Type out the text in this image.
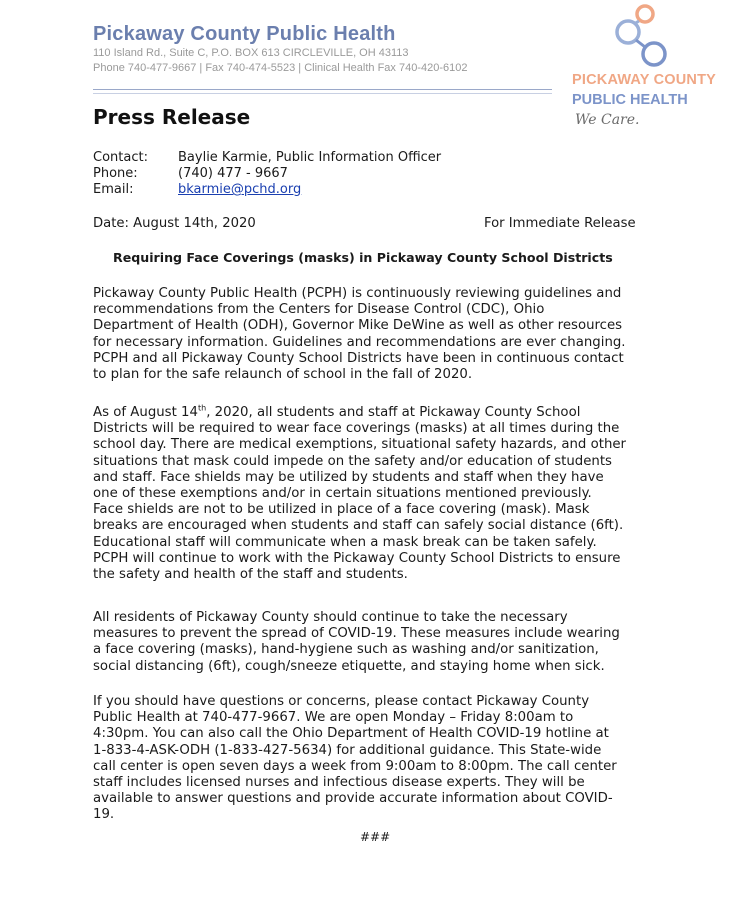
Pickaway County Public Health
110 Island Rd., Suite C, P.O. BOX 613 CIRCLEVILLE, OH 43113
Phone 740-477-9667 | Fax 740-474-5523 | Clinical Health Fax 740-420-6102
PICKAWAY COUNTY
PUBLIC HEALTH
We Care.
Press Release
Contact:	Baylie Karmie, Public Information Officer
Phone:	(740) 477 - 9667
Email:	bkarmie@pchd.org
Date: August 14th, 2020	For Immediate Release
Requiring Face Coverings (masks) in Pickaway County School Districts
Pickaway County Public Health (PCPH) is continuously reviewing guidelines and
recommendations from the Centers for Disease Control (CDC), Ohio
Department of Health (ODH), Governor Mike DeWine as well as other resources
for necessary information. Guidelines and recommendations are ever changing.
PCPH and all Pickaway County School Districts have been in continuous contact
to plan for the safe relaunch of school in the fall of 2020.
As of August 14th, 2020, all students and staff at Pickaway County School
Districts will be required to wear face coverings (masks) at all times during the
school day. There are medical exemptions, situational safety hazards, and other
situations that mask could impede on the safety and/or education of students
and staff. Face shields may be utilized by students and staff when they have
one of these exemptions and/or in certain situations mentioned previously.
Face shields are not to be utilized in place of a face covering (mask). Mask
breaks are encouraged when students and staff can safely social distance (6ft).
Educational staff will communicate when a mask break can be taken safely.
PCPH will continue to work with the Pickaway County School Districts to ensure
the safety and health of the staff and students.
All residents of Pickaway County should continue to take the necessary
measures to prevent the spread of COVID-19. These measures include wearing
a face covering (masks), hand-hygiene such as washing and/or sanitization,
social distancing (6ft), cough/sneeze etiquette, and staying home when sick.
If you should have questions or concerns, please contact Pickaway County
Public Health at 740-477-9667. We are open Monday – Friday 8:00am to
4:30pm. You can also call the Ohio Department of Health COVID-19 hotline at
1-833-4-ASK-ODH (1-833-427-5634) for additional guidance. This State-wide
call center is open seven days a week from 9:00am to 8:00pm. The call center
staff includes licensed nurses and infectious disease experts. They will be
available to answer questions and provide accurate information about COVID-
19.
###
